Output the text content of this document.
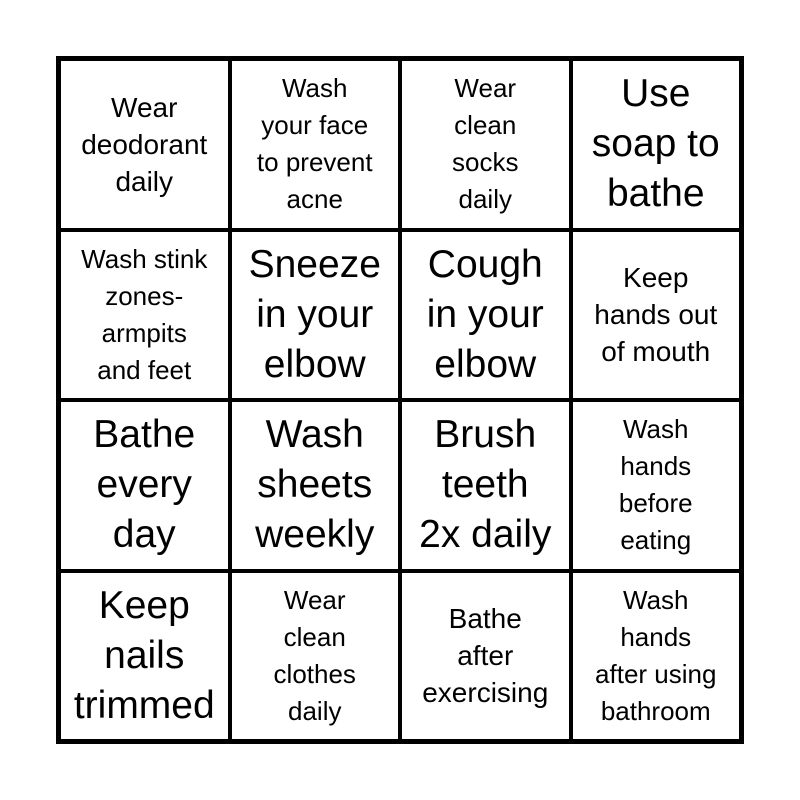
Wear
deodorant
daily
Wash
your face
to prevent
acne
Wear
clean
socks
daily
Use
soap to
bathe
Wash stink
zones-
armpits
and feet
Sneeze
in your
elbow
Cough
in your
elbow
Keep
hands out
of mouth
Bathe
every
day
Wash
sheets
weekly
Brush
teeth
2x daily
Wash
hands
before
eating
Keep
nails
trimmed
Wear
clean
clothes
daily
Bathe
after
exercising
Wash
hands
after using
bathroom
